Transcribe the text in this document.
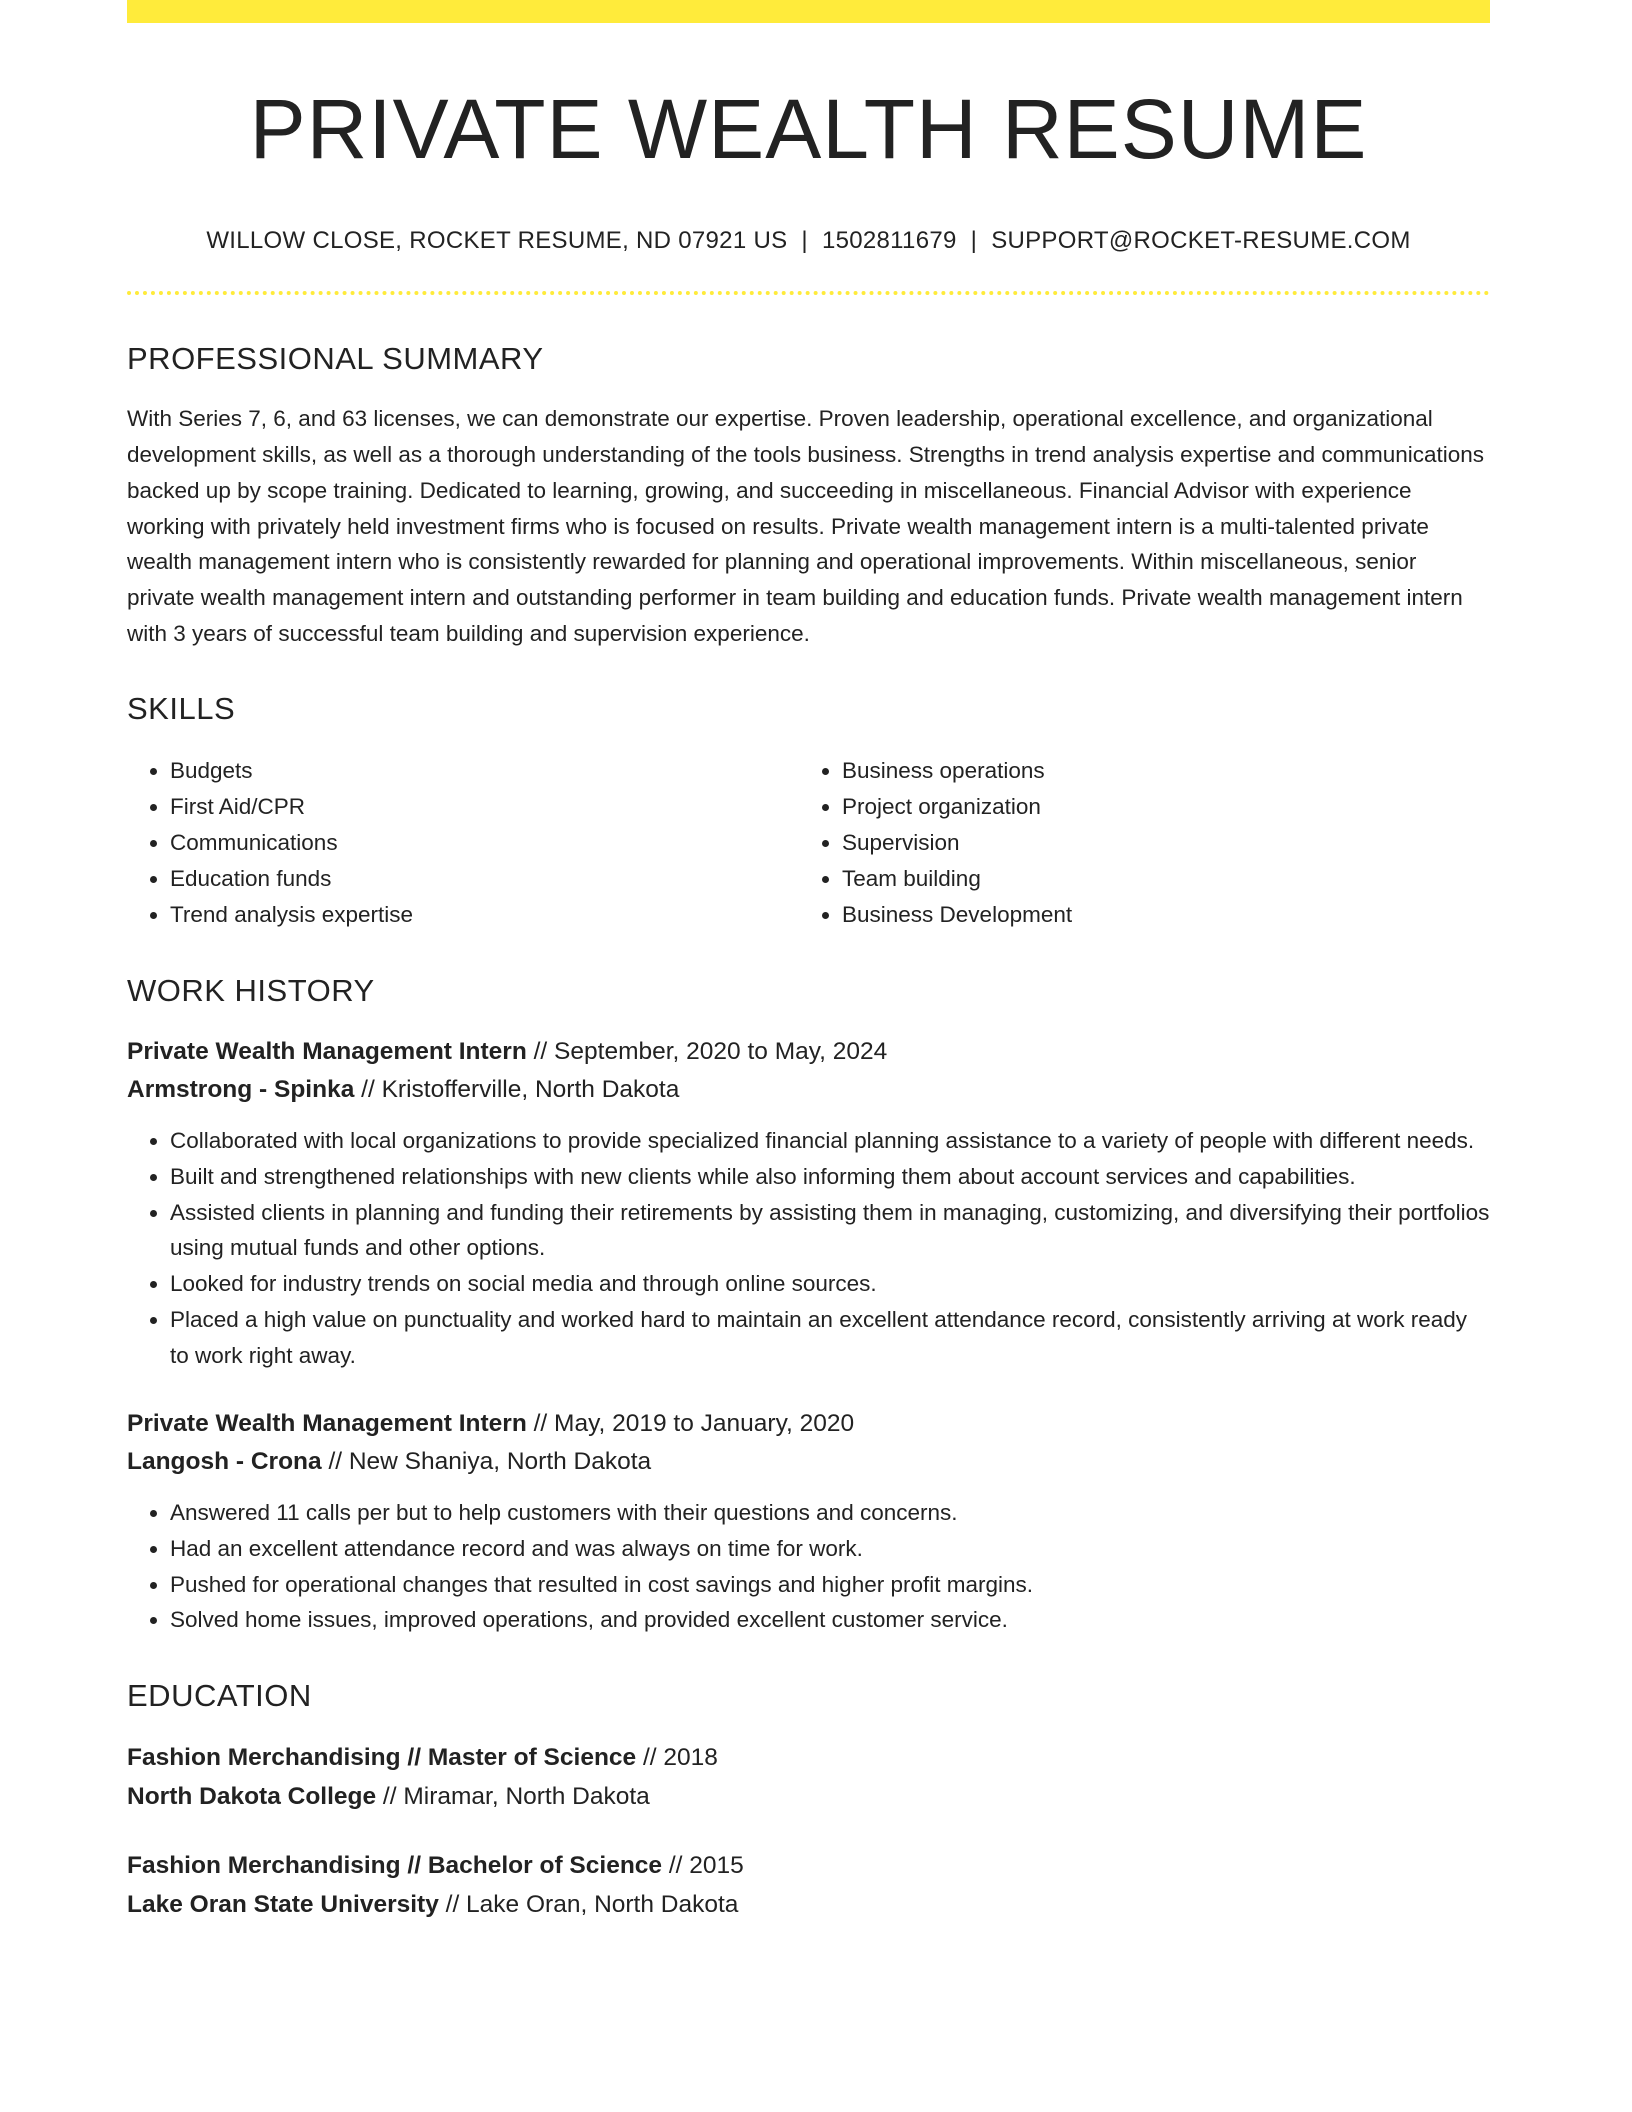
PRIVATE WEALTH RESUME
WILLOW CLOSE, ROCKET RESUME, ND 07921 US | 1502811679 | SUPPORT@ROCKET-RESUME.COM
PROFESSIONAL SUMMARY

With Series 7, 6, and 63 licenses, we can demonstrate our expertise. Proven leadership, operational excellence, and organizational development skills, as well as a thorough understanding of the tools business. Strengths in trend analysis expertise and communications backed up by scope training. Dedicated to learning, growing, and succeeding in miscellaneous. Financial Advisor with experience working with privately held investment firms who is focused on results. Private wealth management intern is a multi-talented private wealth management intern who is consistently rewarded for planning and operational improvements. Within miscellaneous, senior private wealth management intern and outstanding performer in team building and education funds. Private wealth management intern with 3 years of successful team building and supervision experience.

SKILLS
• Budgets
• First Aid/CPR
• Communications
• Education funds
• Trend analysis expertise
• Business operations
• Project organization
• Supervision
• Team building
• Business Development
WORK HISTORY
Private Wealth Management Intern // September, 2020 to May, 2024
Armstrong - Spinka // Kristofferville, North Dakota
• Collaborated with local organizations to provide specialized financial planning assistance to a variety of people with different needs.
• Built and strengthened relationships with new clients while also informing them about account services and capabilities.
• Assisted clients in planning and funding their retirements by assisting them in managing, customizing, and diversifying their portfolios using mutual funds and other options.
• Looked for industry trends on social media and through online sources.
• Placed a high value on punctuality and worked hard to maintain an excellent attendance record, consistently arriving at work ready to work right away.
Private Wealth Management Intern // May, 2019 to January, 2020
Langosh - Crona // New Shaniya, North Dakota
• Answered 11 calls per but to help customers with their questions and concerns.
• Had an excellent attendance record and was always on time for work.
• Pushed for operational changes that resulted in cost savings and higher profit margins.
• Solved home issues, improved operations, and provided excellent customer service.
EDUCATION
Fashion Merchandising // Master of Science // 2018
North Dakota College // Miramar, North Dakota
Fashion Merchandising // Bachelor of Science // 2015
Lake Oran State University // Lake Oran, North Dakota
